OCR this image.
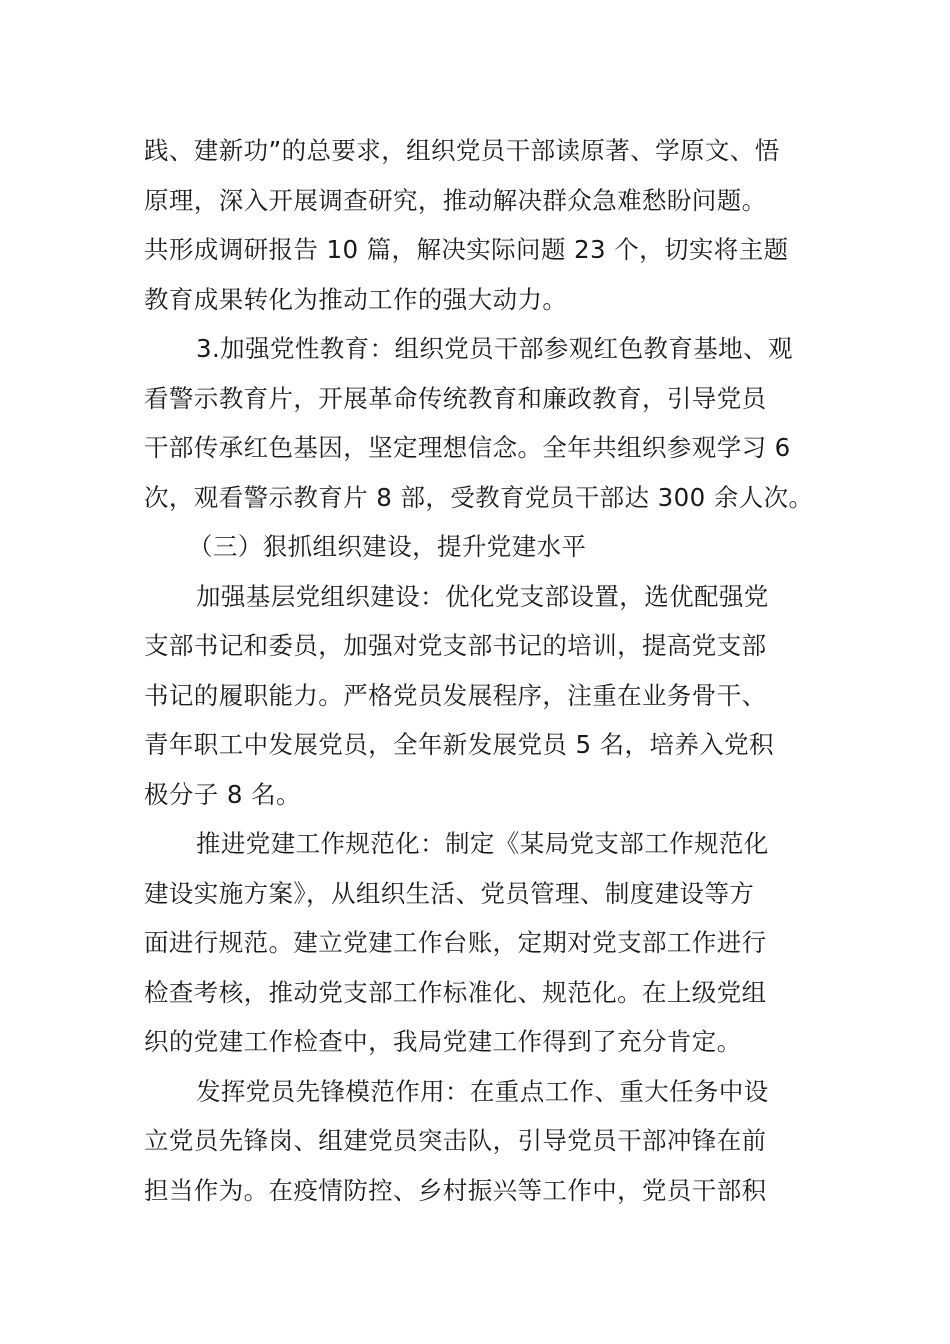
践、建新功”的总要求，组织党员干部读原著、学原文、悟
原理，深入开展调查研究，推动解决群众急难愁盼问题。
共形成调研报告 10 篇，解决实际问题 23 个，切实将主题
教育成果转化为推动工作的强大动力。
3.加强党性教育：组织党员干部参观红色教育基地、观
看警示教育片，开展革命传统教育和廉政教育，引导党员
干部传承红色基因，坚定理想信念。全年共组织参观学习 6
次，观看警示教育片 8 部，受教育党员干部达 300 余人次。
（三）狠抓组织建设，提升党建水平
加强基层党组织建设：优化党支部设置，选优配强党
支部书记和委员，加强对党支部书记的培训，提高党支部
书记的履职能力。严格党员发展程序，注重在业务骨干、
青年职工中发展党员，全年新发展党员 5 名，培养入党积
极分子 8 名。
推进党建工作规范化：制定《某局党支部工作规范化
建设实施方案》，从组织生活、党员管理、制度建设等方
面进行规范。建立党建工作台账，定期对党支部工作进行
检查考核，推动党支部工作标准化、规范化。在上级党组
织的党建工作检查中，我局党建工作得到了充分肯定。
发挥党员先锋模范作用：在重点工作、重大任务中设
立党员先锋岗、组建党员突击队，引导党员干部冲锋在前
担当作为。在疫情防控、乡村振兴等工作中，党员干部积
